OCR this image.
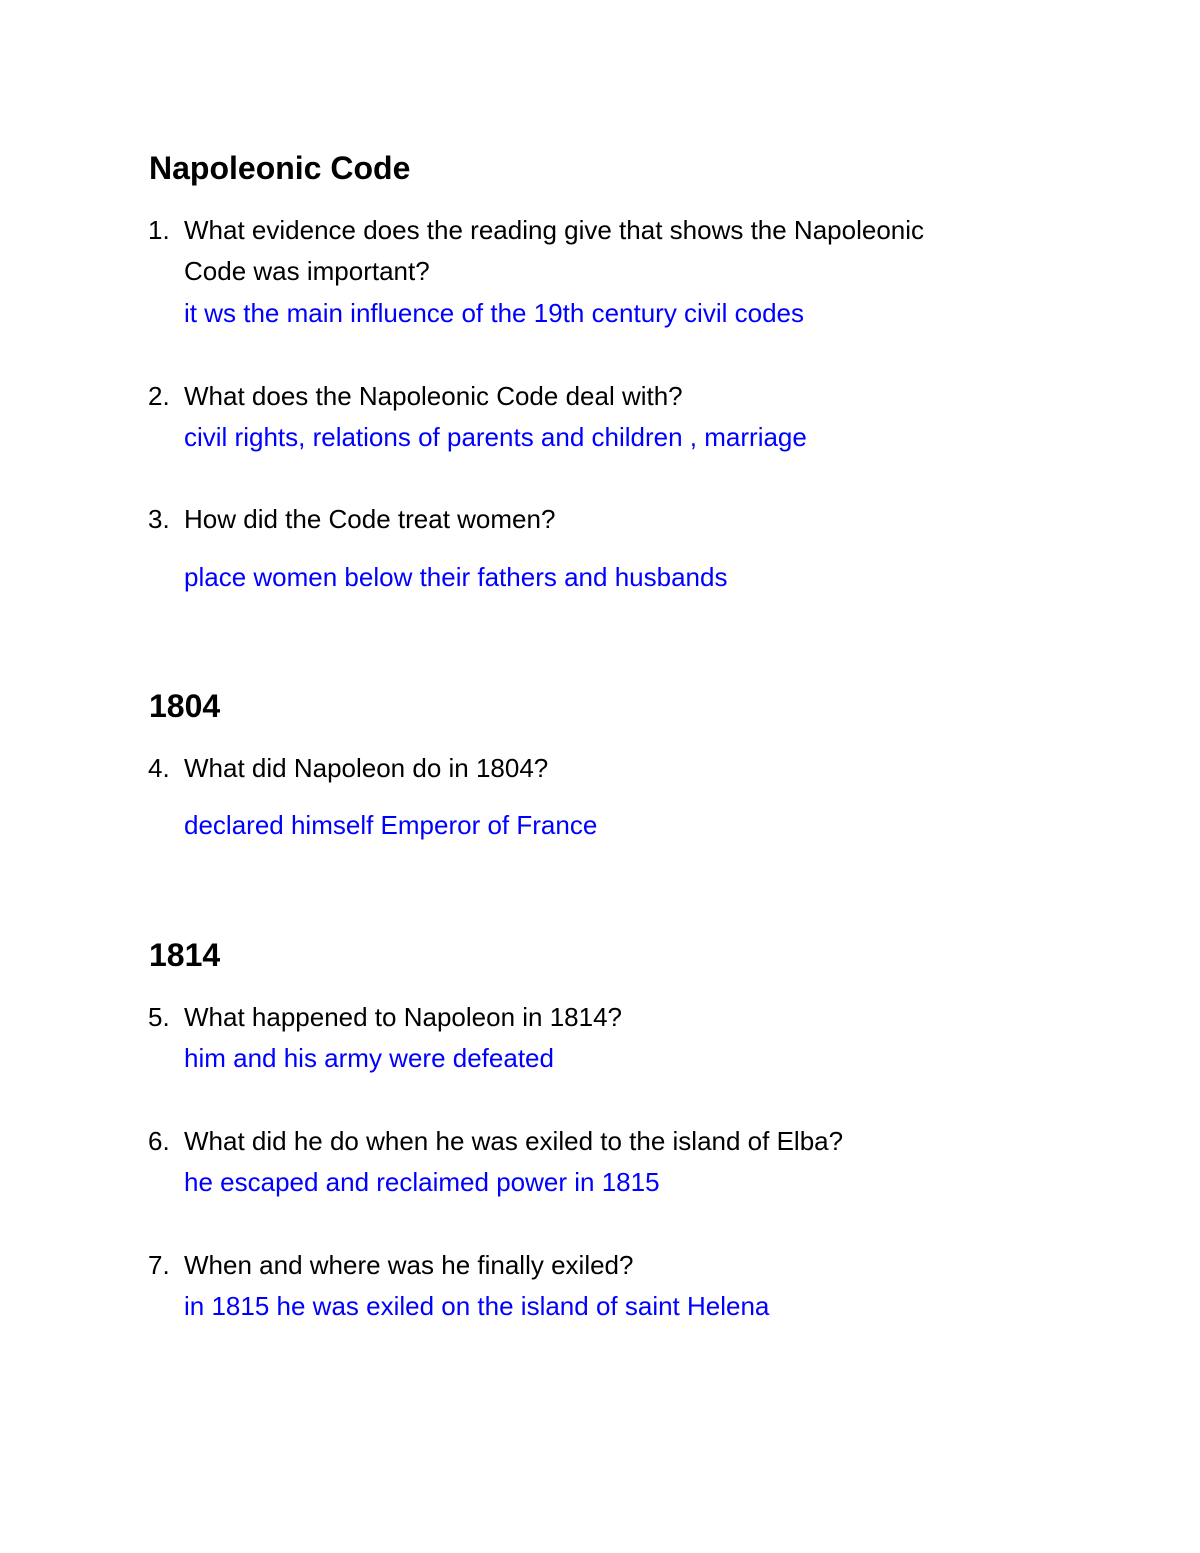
Napoleonic Code
1. What evidence does the reading give that shows the Napoleonic
Code was important?
it ws the main influence of the 19th century civil codes
2. What does the Napoleonic Code deal with?
civil rights, relations of parents and children , marriage
3. How did the Code treat women?
place women below their fathers and husbands
1804
4. What did Napoleon do in 1804?
declared himself Emperor of France
1814
5. What happened to Napoleon in 1814?
him and his army were defeated
6. What did he do when he was exiled to the island of Elba?
he escaped and reclaimed power in 1815
7. When and where was he finally exiled?
in 1815 he was exiled on the island of saint Helena
